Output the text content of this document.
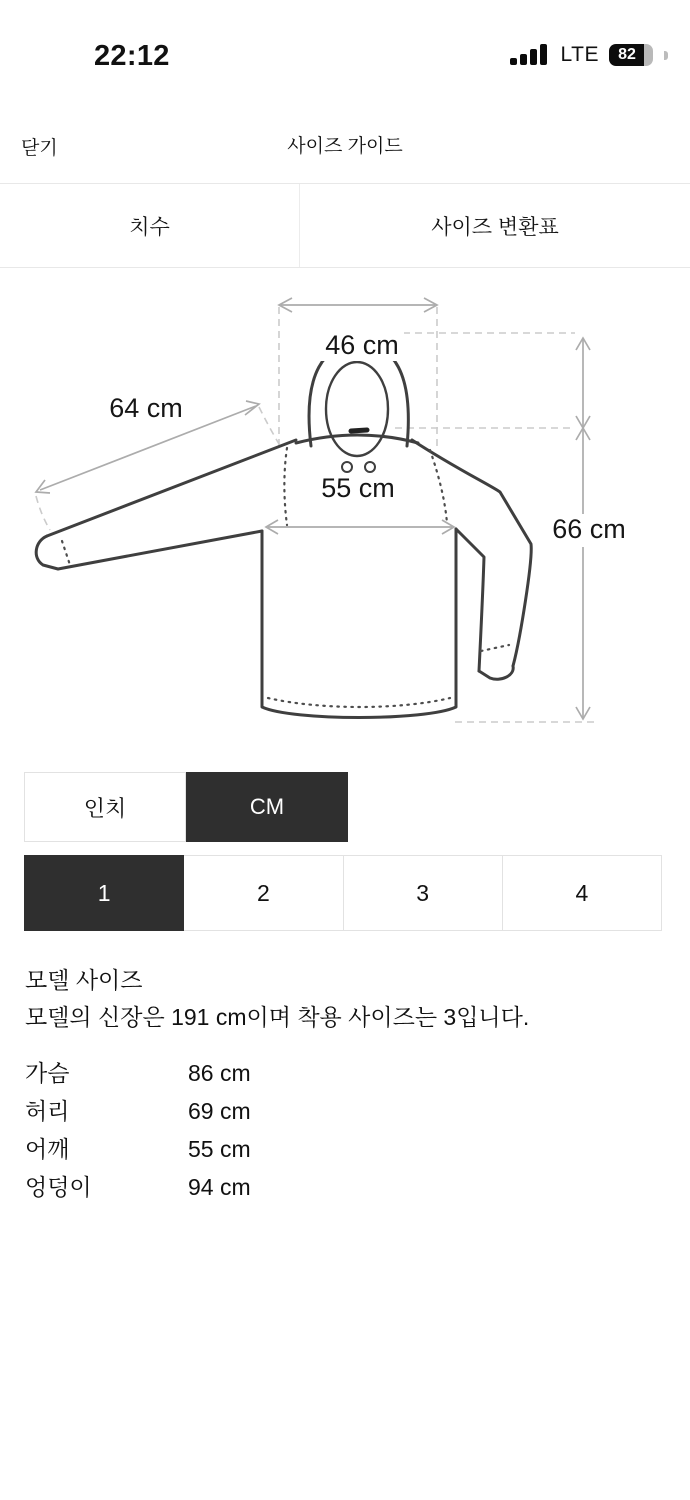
22:12	LTE 82
닫기	사이즈 가이드
치수	사이즈 변환표
46 cm
64 cm
55 cm
66 cm
인치	CM
1	2	3	4
모델 사이즈

모델의 신장은 191 cm이며 착용 사이즈는 3입니다.

가슴	86 cm
허리	69 cm
어깨	55 cm
엉덩이	94 cm
